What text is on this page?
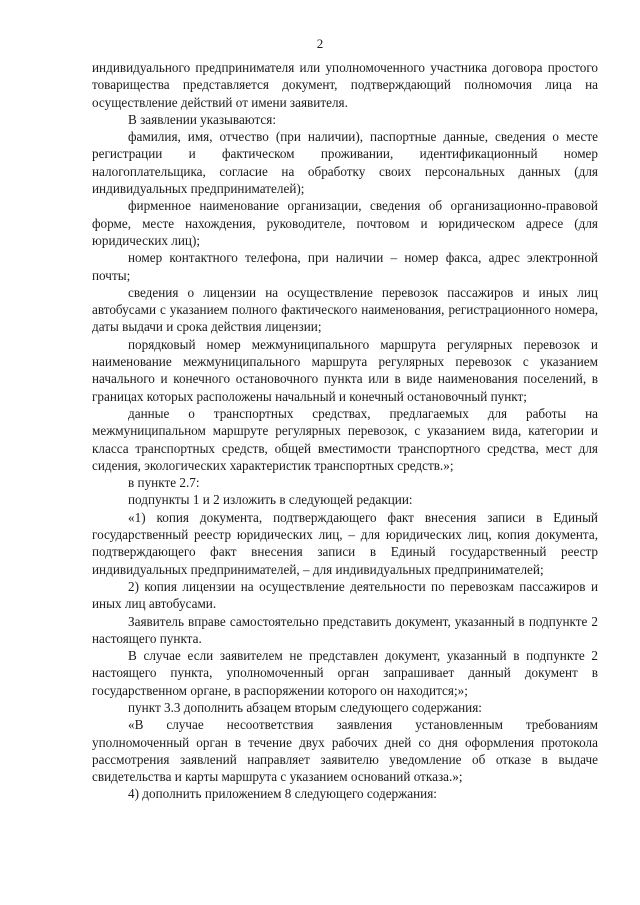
2

индивидуального предпринимателя или уполномоченного участника договора простого товарищества представляется документ, подтверждающий полномочия лица на осуществление действий от имени заявителя.

В заявлении указываются:

фамилия, имя, отчество (при наличии), паспортные данные, сведения о месте регистрации и фактическом проживании, идентификационный номер налогоплательщика, согласие на обработку своих персональных данных (для индивидуальных предпринимателей);

фирменное наименование организации, сведения об организационно-правовой форме, месте нахождения, руководителе, почтовом и юридическом адресе (для юридических лиц);

номер контактного телефона, при наличии – номер факса, адрес электронной почты;

сведения о лицензии на осуществление перевозок пассажиров и иных лиц автобусами с указанием полного фактического наименования, регистрационного номера, даты выдачи и срока действия лицензии;

порядковый номер межмуниципального маршрута регулярных перевозок и наименование межмуниципального маршрута регулярных перевозок с указанием начального и конечного остановочного пункта или в виде наименования поселений, в границах которых расположены начальный и конечный остановочный пункт;

данные о транспортных средствах, предлагаемых для работы на межмуниципальном маршруте регулярных перевозок, с указанием вида, категории и класса транспортных средств, общей вместимости транспортного средства, мест для сидения, экологических характеристик транспортных средств.»;

в пункте 2.7:

подпункты 1 и 2 изложить в следующей редакции:

«1) копия документа, подтверждающего факт внесения записи в Единый государственный реестр юридических лиц, – для юридических лиц, копия документа, подтверждающего факт внесения записи в Единый государственный реестр индивидуальных предпринимателей, – для индивидуальных предпринимателей;

2) копия лицензии на осуществление деятельности по перевозкам пассажиров и иных лиц автобусами.

Заявитель вправе самостоятельно представить документ, указанный в подпункте 2 настоящего пункта.

В случае если заявителем не представлен документ, указанный в подпункте 2 настоящего пункта, уполномоченный орган запрашивает данный документ в государственном органе, в распоряжении которого он находится;»;

пункт 3.3 дополнить абзацем вторым следующего содержания:

«В случае несоответствия заявления установленным требованиям уполномоченный орган в течение двух рабочих дней со дня оформления протокола рассмотрения заявлений направляет заявителю уведомление об отказе в выдаче свидетельства и карты маршрута с указанием оснований отказа.»;

4) дополнить приложением 8 следующего содержания:
